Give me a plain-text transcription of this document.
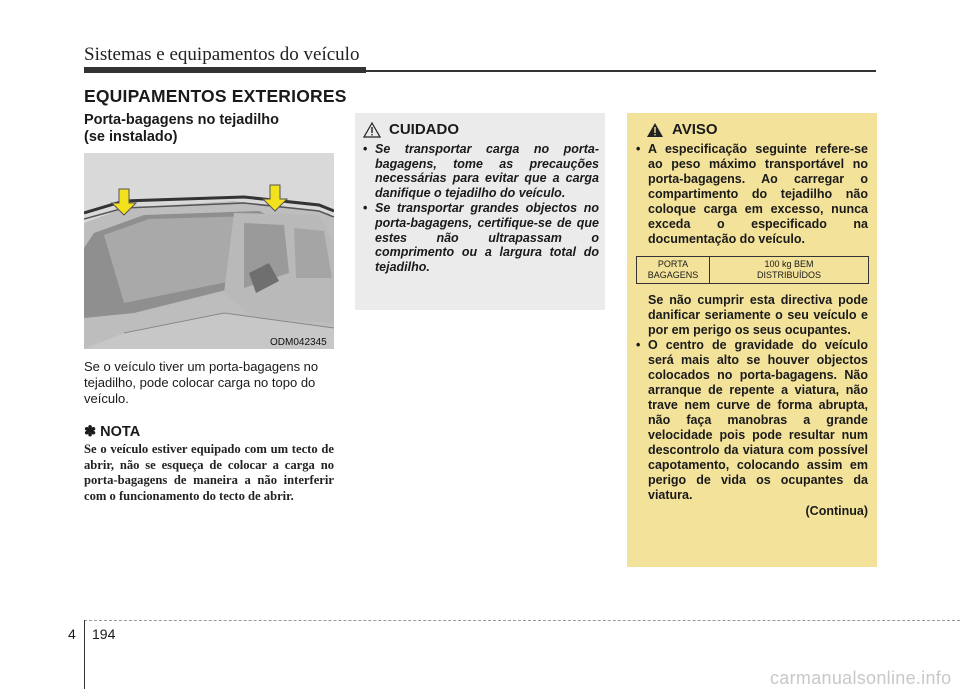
Sistemas e equipamentos do veículo
EQUIPAMENTOS EXTERIORES

Porta-bagagens no tejadilho

(se instalado)

ODM042345
Se o veículo tiver um porta-bagagens no tejadilho, pode colocar carga no topo do veículo.
✽ NOTA
Se o veículo estiver equipado com um tecto de abrir, não se esqueça de colocar a carga no porta-bagagens de maneira a não interferir com o funcionamento do tecto de abrir.
CUIDADO
• Se transportar carga no porta-bagagens, tome as precauções necessárias para evitar que a carga danifique o tejadilho do veículo.
• Se transportar grandes objectos no porta-bagagens, certifique-se de que estes não ultrapassam o comprimento ou a largura total do tejadilho.
AVISO
• A especificação seguinte refere-se ao peso máximo transportável no porta-bagagens. Ao carregar o compartimento do tejadilho não coloque carga em excesso, nunca exceda o especificado na documentação do veículo.
PORTA BAGAGENS	100 kg BEM
DISTRIBUÍDOS
Se não cumprir esta directiva pode danificar seriamente o seu veículo e por em perigo os seus ocupantes.
• O centro de gravidade do veículo será mais alto se houver objectos colocados no porta-bagagens. Não arranque de repente a viatura, não trave nem curve de forma abrupta, não faça manobras a grande velocidade pois pode resultar num descontrolo da viatura com possível capotamento, colocando assim em perigo de vida os ocupantes da viatura.
(Continua)
4 194
carmanualsonline.info
